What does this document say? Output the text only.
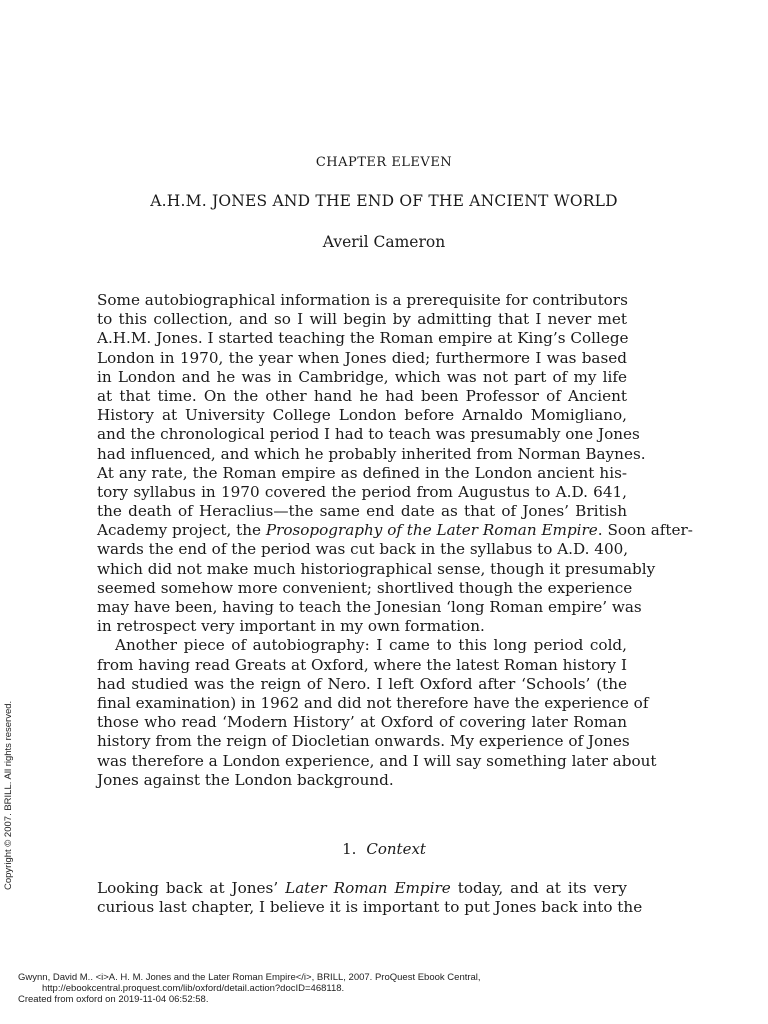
CHAPTER ELEVEN
A.H.M. JONES AND THE END OF THE ANCIENT WORLD
Averil Cameron
Some autobiographical information is a prerequisite for contributors
to this collection, and so I will begin by admitting that I never met
A.H.M. Jones. I started teaching the Roman empire at King’s College
London in 1970, the year when Jones died; furthermore I was based
in London and he was in Cambridge, which was not part of my life
at that time. On the other hand he had been Professor of Ancient
History at University College London before Arnaldo Momigliano,
and the chronological period I had to teach was presumably one Jones
had influenced, and which he probably inherited from Norman Baynes.
At any rate, the Roman empire as defined in the London ancient his-
tory syllabus in 1970 covered the period from Augustus to A.D. 641,
the death of Heraclius—the same end date as that of Jones’ British
Academy project, the Prosopography of the Later Roman Empire. Soon after-
wards the end of the period was cut back in the syllabus to A.D. 400,
which did not make much historiographical sense, though it presumably
seemed somehow more convenient; shortlived though the experience
may have been, having to teach the Jonesian ‘long Roman empire’ was
in retrospect very important in my own formation.
Another piece of autobiography: I came to this long period cold,
from having read Greats at Oxford, where the latest Roman history I
had studied was the reign of Nero. I left Oxford after ‘Schools’ (the
final examination) in 1962 and did not therefore have the experience of
those who read ‘Modern History’ at Oxford of covering later Roman
history from the reign of Diocletian onwards. My experience of Jones
was therefore a London experience, and I will say something later about
Jones against the London background.
1. Context
Looking back at Jones’ Later Roman Empire today, and at its very
curious last chapter, I believe it is important to put Jones back into the
Copyright © 2007. BRILL. All rights reserved.
Gwynn, David M.. <i>A. H. M. Jones and the Later Roman Empire</i>, BRILL, 2007. ProQuest Ebook Central,
http://ebookcentral.proquest.com/lib/oxford/detail.action?docID=468118.
Created from oxford on 2019-11-04 06:52:58.
